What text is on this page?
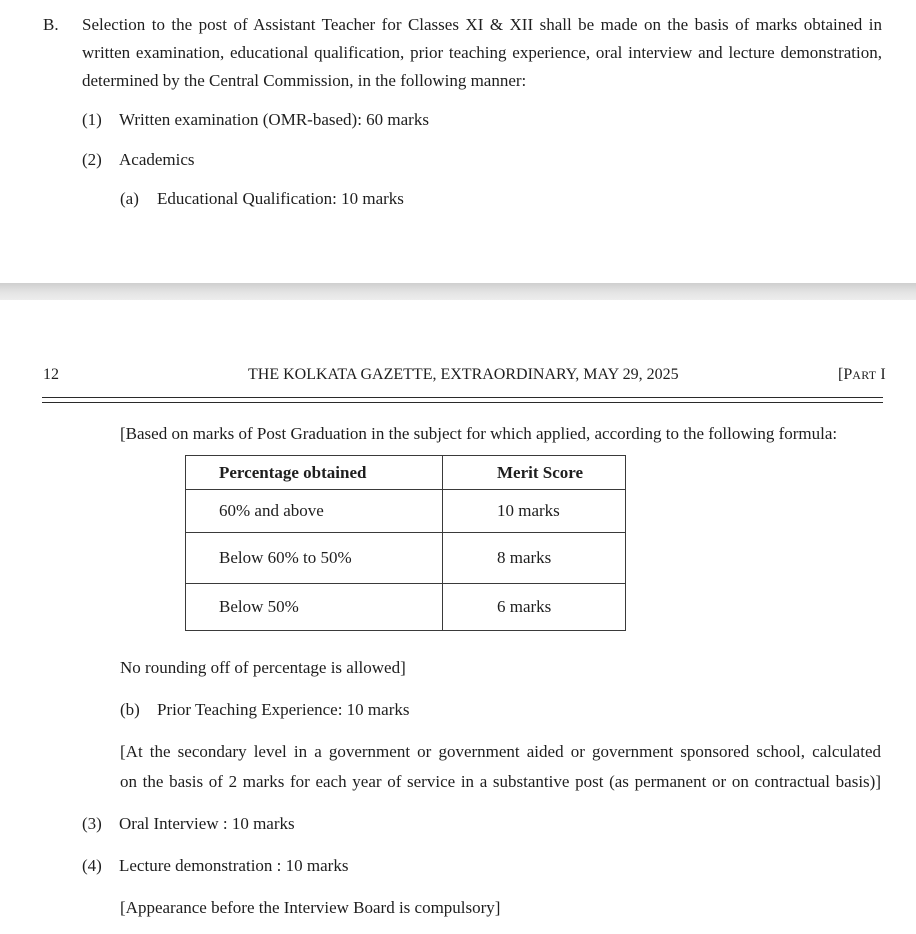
B. Selection to the post of Assistant Teacher for Classes XI & XII shall be made on the basis of marks obtained in
written examination, educational qualification, prior teaching experience, oral interview and lecture demonstration,
determined by the Central Commission, in the following manner:
(1) Written examination (OMR-based): 60 marks
(2) Academics
(a) Educational Qualification: 10 marks
12	THE KOLKATA GAZETTE, EXTRAORDINARY, MAY 29, 2025	[PART I
[Based on marks of Post Graduation in the subject for which applied, according to the following formula:
Percentage obtained	Merit Score
60% and above	10 marks
Below 60% to 50%	8 marks
Below 50%	6 marks
No rounding off of percentage is allowed]
(b) Prior Teaching Experience: 10 marks
[At the secondary level in a government or government aided or government sponsored school, calculated
on the basis of 2 marks for each year of service in a substantive post (as permanent or on contractual basis)]
(3) Oral Interview : 10 marks
(4) Lecture demonstration : 10 marks
[Appearance before the Interview Board is compulsory]
